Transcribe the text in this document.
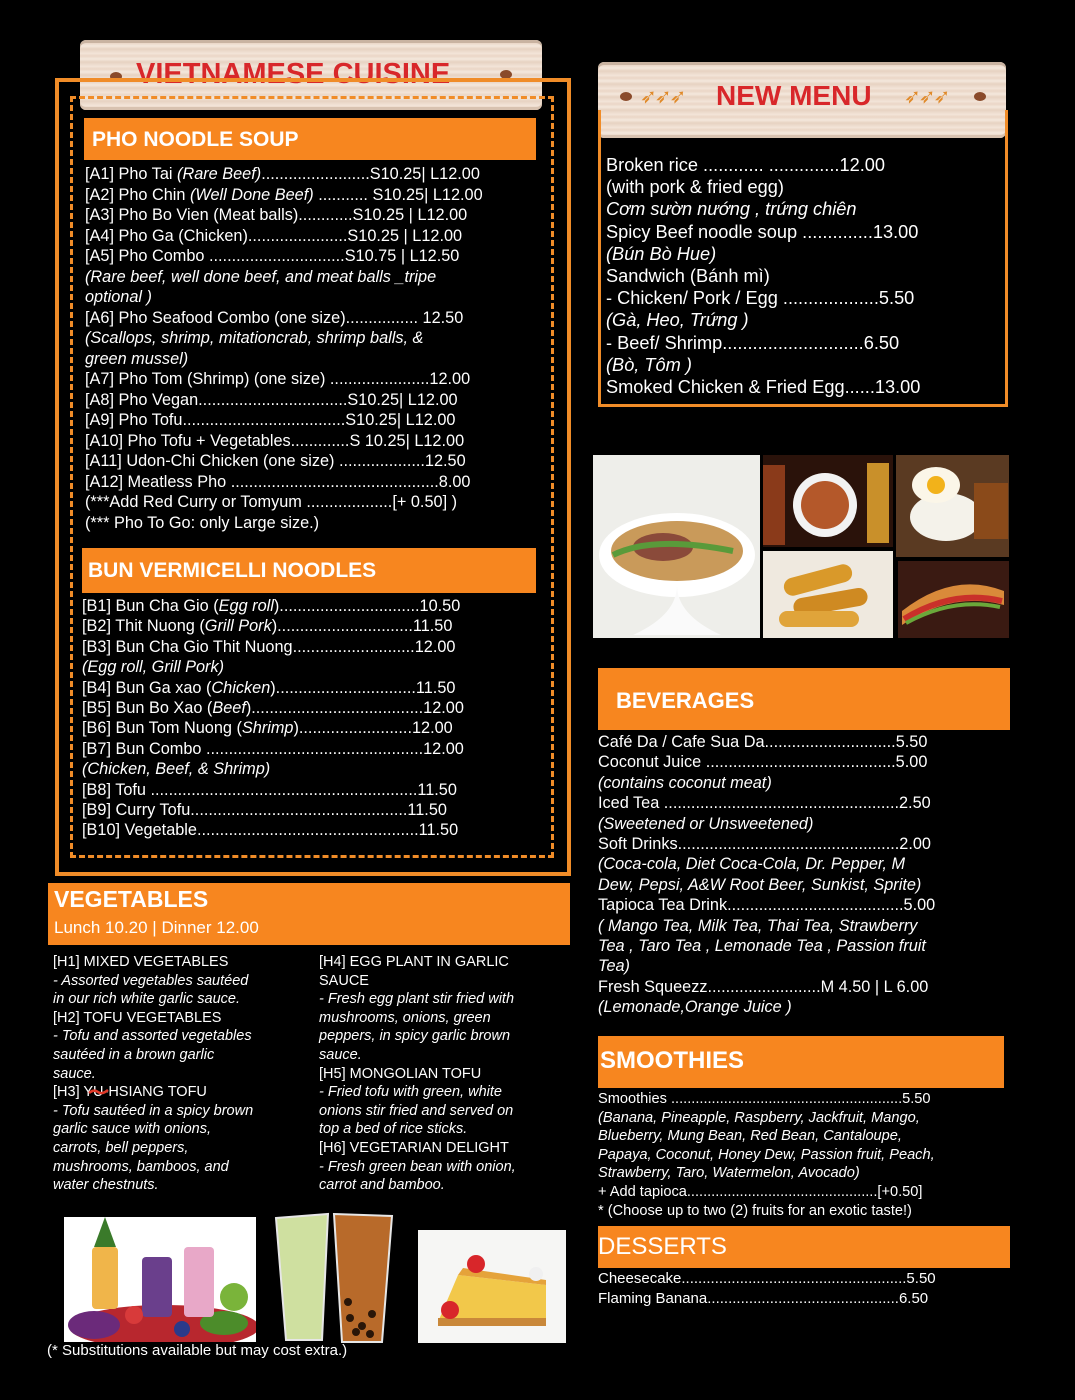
VIETNAMESE CUISINE
PHO NOODLE SOUP
[A1] Pho Tai (Rare Beef)........................S10.25| L12.00
[A2] Pho Chin (Well Done Beef) ........... S10.25| L12.00
[A3] Pho Bo Vien (Meat balls)............S10.25 | L12.00
[A4] Pho Ga (Chicken)......................S10.25 | L12.00
[A5] Pho Combo ..............................S10.75 | L12.50
(Rare beef, well done beef, and meat balls _tripe
optional )
[A6] Pho Seafood Combo (one size)................ 12.50
(Scallops, shrimp, mitationcrab, shrimp balls, &
green mussel)
[A7] Pho Tom (Shrimp) (one size) ......................12.00
[A8] Pho Vegan.................................S10.25| L12.00
[A9] Pho Tofu....................................S10.25| L12.00
[A10] Pho Tofu + Vegetables.............S 10.25| L12.00
[A11] Udon-Chi Chicken (one size) ...................12.50
[A12] Meatless Pho ..............................................8.00
(***Add Red Curry or Tomyum ...................[+ 0.50] )
(*** Pho To Go: only Large size.)
BUN VERMICELLI NOODLES
[B1] Bun Cha Gio (Egg roll)...............................10.50
[B2] Thit Nuong (Grill Pork)..............................11.50
[B3] Bun Cha Gio Thit Nuong...........................12.00
(Egg roll, Grill Pork)
[B4] Bun Ga xao (Chicken)...............................11.50
[B5] Bun Bo Xao (Beef)......................................12.00
[B6] Bun Tom Nuong (Shrimp).........................12.00
[B7] Bun Combo ................................................12.00
(Chicken, Beef, & Shrimp)
[B8] Tofu ...........................................................11.50
[B9] Curry Tofu................................................11.50
[B10] Vegetable.................................................11.50
VEGETABLES
Lunch 10.20 | Dinner 12.00
[H1] MIXED VEGETABLES
- Assorted vegetables sautéed
in our rich white garlic sauce.
[H2] TOFU VEGETABLES
- Tofu and assorted vegetables
sautéed in a brown garlic
sauce.
[H3] YU-HSIANG TOFU
- Tofu sautéed in a spicy brown
garlic sauce with onions,
carrots, bell peppers,
mushrooms, bamboos, and
water chestnuts.
[H4] EGG PLANT IN GARLIC
SAUCE
- Fresh egg plant stir fried with
mushrooms, onions, green
peppers, in spicy garlic brown
sauce.
[H5] MONGOLIAN TOFU
- Fried tofu with green, white
onions stir fried and served on
top a bed of rice sticks.
[H6] VEGETARIAN DELIGHT
- Fresh green bean with onion,
carrot and bamboo.
(* Substitutions available but may cost extra.)
➶➶➶	➶➶➶
NEW MENU
Broken rice ............ ..............12.00
(with pork & fried egg)
Cơm sườn nướng , trứng chiên
Spicy Beef noodle soup ..............13.00
(Bún Bò Hue)
Sandwich (Bánh mì)
- Chicken/ Pork / Egg ...................5.50
(Gà, Heo, Trứng )
- Beef/ Shrimp............................6.50
(Bò, Tôm )
Smoked Chicken & Fried Egg......13.00
BEVERAGES
Café Da / Cafe Sua Da.............................5.50
Coconut Juice ..........................................5.00
(contains coconut meat)
Iced Tea ....................................................2.50
(Sweetened or Unsweetened)
Soft Drinks.................................................2.00
(Coca-cola, Diet Coca-Cola, Dr. Pepper, M
Dew, Pepsi, A&W Root Beer, Sunkist, Sprite)
Tapioca Tea Drink.......................................5.00
( Mango Tea, Milk Tea, Thai Tea, Strawberry
Tea , Taro Tea , Lemonade Tea , Passion fruit
Tea)
Fresh Squeezz.........................M 4.50 | L 6.00
(Lemonade,Orange Juice )
SMOOTHIES
Smoothies .........................................................5.50
(Banana, Pineapple, Raspberry, Jackfruit, Mango,
Blueberry, Mung Bean, Red Bean, Cantaloupe,
Papaya, Coconut, Honey Dew, Passion fruit, Peach,
Strawberry, Taro, Watermelon, Avocado)
+ Add tapioca...............................................[+0.50]
* (Choose up to two (2) fruits for an exotic taste!)
DESSERTS
Cheesecake......................................................5.50
Flaming Banana..............................................6.50
